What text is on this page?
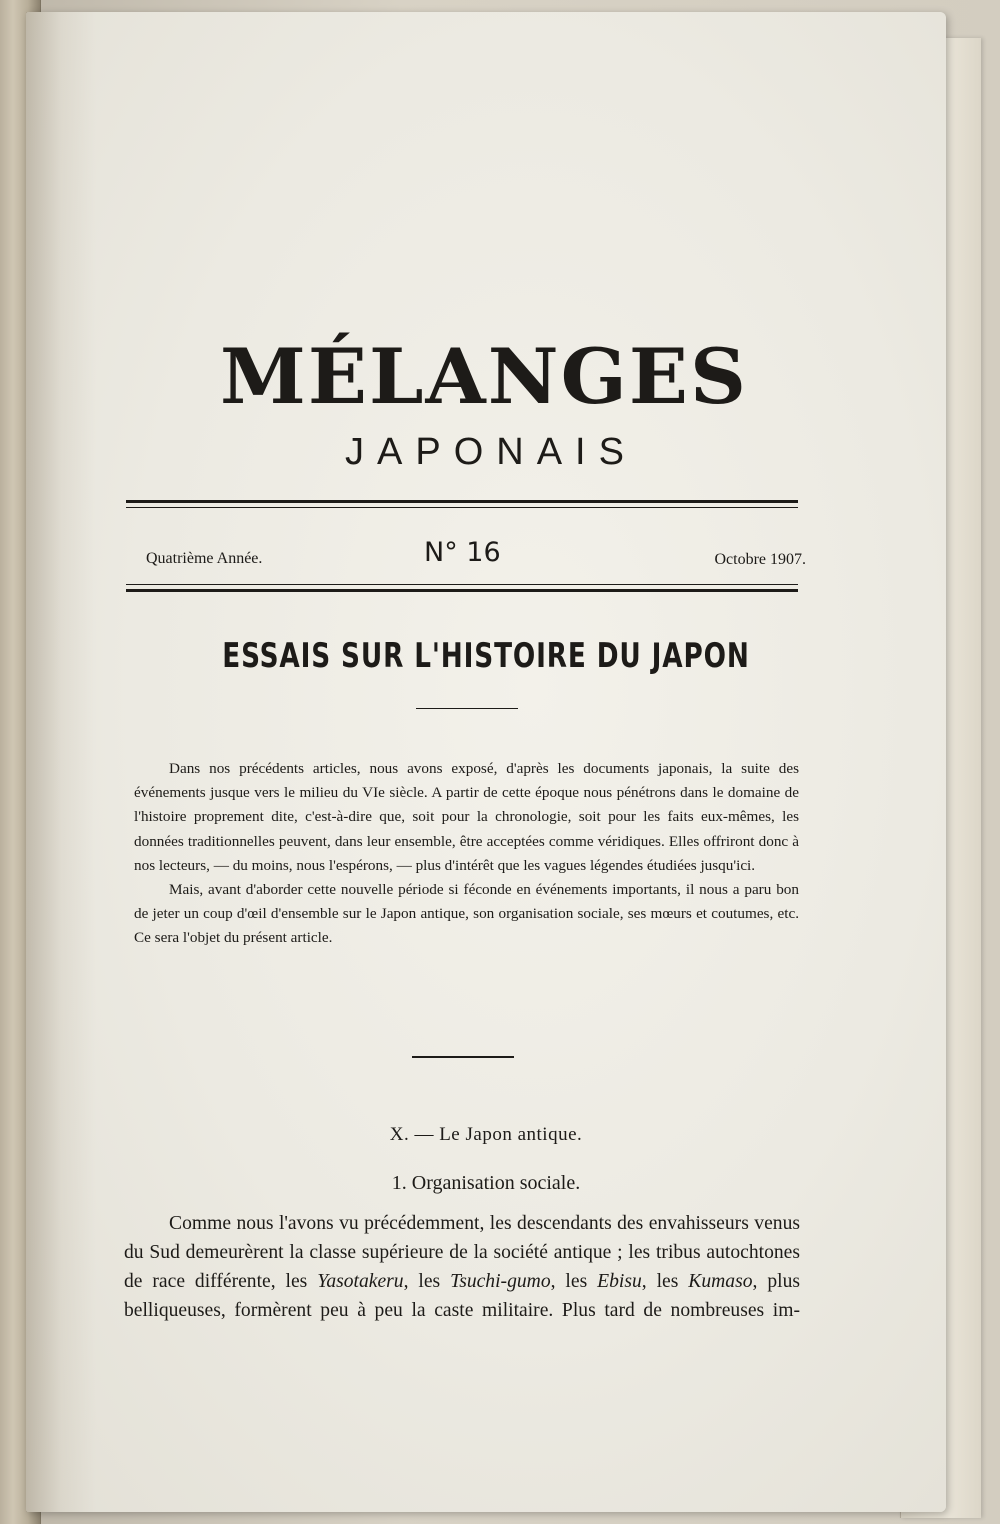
MÉLANGES
JAPONAIS
Quatrième Année.	N° 16	Octobre 1907.
ESSAIS SUR L'HISTOIRE DU JAPON

Dans nos précédents articles, nous avons exposé, d'après les documents japonais, la suite des événements jusque vers le milieu du VIe siècle. A partir de cette époque nous pénétrons dans le domaine de l'histoire proprement dite, c'est-à-dire que, soit pour la chronologie, soit pour les faits eux-mêmes, les données traditionnelles peuvent, dans leur ensemble, être acceptées comme véridiques. Elles offriront donc à nos lecteurs, — du moins, nous l'espérons, — plus d'intérêt que les vagues légendes étudiées jusqu'ici.

Mais, avant d'aborder cette nouvelle période si féconde en événements importants, il nous a paru bon de jeter un coup d'œil d'ensemble sur le Japon antique, son organisation sociale, ses mœurs et coutumes, etc. Ce sera l'objet du présent article.

X. — Le Japon antique.
1. Organisation sociale.

Comme nous l'avons vu précédemment, les descendants des envahisseurs venus du Sud demeurèrent la classe supérieure de la société antique ; les tribus autochtones de race différente, les Yasotakeru, les Tsuchi-gumo, les Ebisu, les Kumaso, plus belliqueuses, formèrent peu à peu la caste militaire. Plus tard de nombreuses im-
